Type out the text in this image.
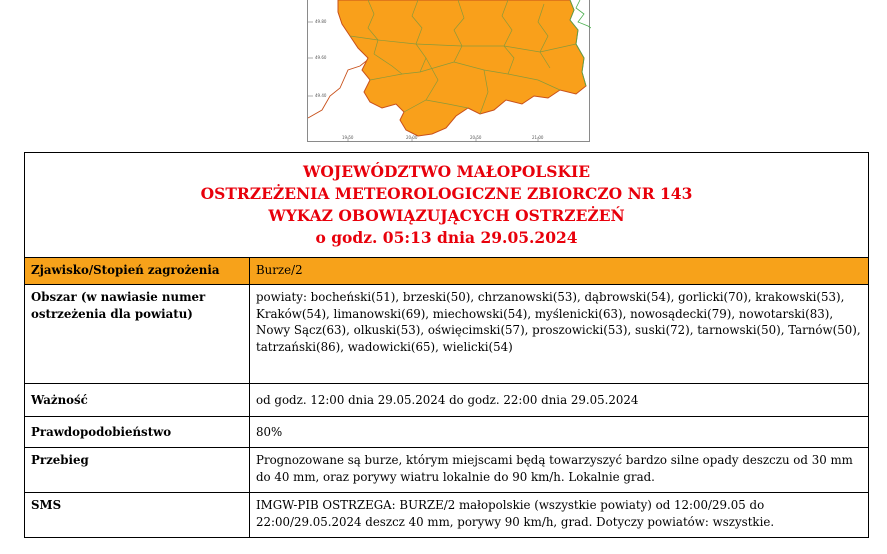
49.80
49.60
49.40
19.50	20.00	20.50	21.00
WOJEWÓDZTWO MAŁOPOLSKIE
OSTRZEŻENIA METEOROLOGICZNE ZBIORCZO NR 143
WYKAZ OBOWIĄZUJĄCYCH OSTRZEŻEŃ
o godz. 05:13 dnia 29.05.2024	

Zjawisko/Stopień zagrożenia	Burze/2
Obszar (w nawiasie numer ostrzeżenia dla powiatu)	powiaty: bocheński(51), brzeski(50), chrzanowski(53), dąbrowski(54), gorlicki(70), krakowski(53), Kraków(54), limanowski(69), miechowski(54), myślenicki(63), nowosądecki(79), nowotarski(83), Nowy Sącz(63), olkuski(53), oświęcimski(57), proszowicki(53), suski(72), tarnowski(50), Tarnów(50), tatrzański(86), wadowicki(65), wielicki(54)
Ważność	od godz. 12:00 dnia 29.05.2024 do godz. 22:00 dnia 29.05.2024
Prawdopodobieństwo	80%
Przebieg	Prognozowane są burze, którym miejscami będą towarzyszyć bardzo silne opady deszczu od 30 mm do 40 mm, oraz porywy wiatru lokalnie do 90 km/h. Lokalnie grad.
SMS	IMGW-PIB OSTRZEGA: BURZE/2 małopolskie (wszystkie powiaty) od 12:00/29.05 do 22:00/29.05.2024 deszcz 40 mm, porywy 90 km/h, grad. Dotyczy powiatów: wszystkie.
